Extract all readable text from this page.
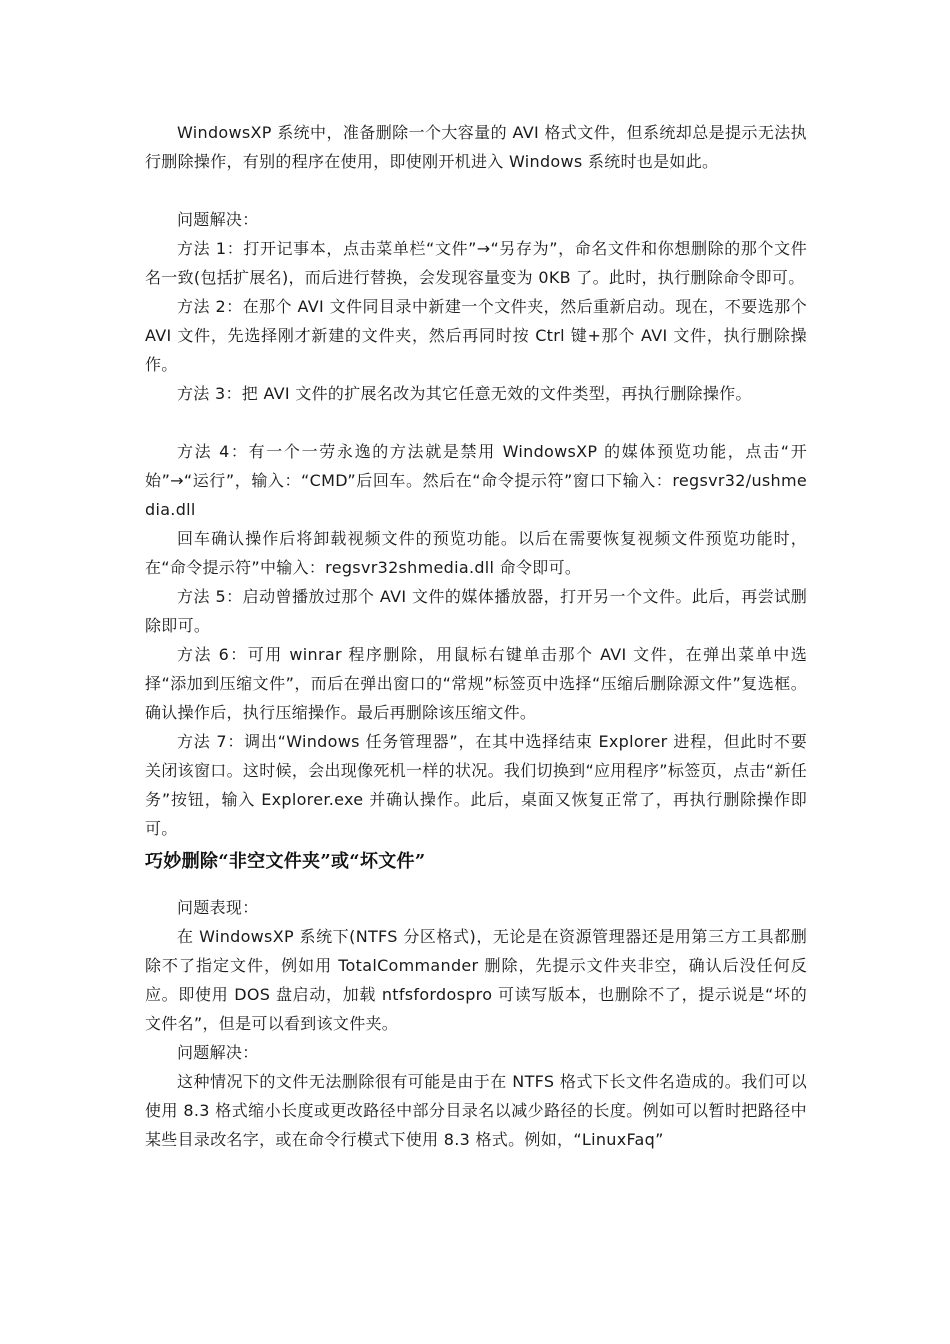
WindowsXP 系统中，准备删除一个大容量的 AVI 格式文件，但系统却总是提示无法执行删除操作，有别的程序在使用，即使刚开机进入 Windows 系统时也是如此。

问题解决：

方法 1：打开记事本，点击菜单栏“文件”→“另存为”，命名文件和你想删除的那个文件名一致(包括扩展名)，而后进行替换，会发现容量变为 0KB 了。此时，执行删除命令即可。

方法 2：在那个 AVI 文件同目录中新建一个文件夹，然后重新启动。现在，不要选那个 AVI 文件，先选择刚才新建的文件夹，然后再同时按 Ctrl 键+那个 AVI 文件，执行删除操作。

方法 3：把 AVI 文件的扩展名改为其它任意无效的文件类型，再执行删除操作。

方法 4：有一个一劳永逸的方法就是禁用 WindowsXP 的媒体预览功能，点击“开始”→“运行”，输入：“CMD”后回车。然后在“命令提示符”窗口下输入：regsvr32/ushmedia.dll

回车确认操作后将卸载视频文件的预览功能。以后在需要恢复视频文件预览功能时，在“命令提示符”中输入：regsvr32shmedia.dll 命令即可。

方法 5：启动曾播放过那个 AVI 文件的媒体播放器，打开另一个文件。此后，再尝试删除即可。

方法 6：可用 winrar 程序删除，用鼠标右键单击那个 AVI 文件，在弹出菜单中选择“添加到压缩文件”，而后在弹出窗口的“常规”标签页中选择“压缩后删除源文件”复选框。确认操作后，执行压缩操作。最后再删除该压缩文件。

方法 7：调出“Windows 任务管理器”，在其中选择结束 Explorer 进程，但此时不要关闭该窗口。这时候，会出现像死机一样的状况。我们切换到“应用程序”标签页，点击“新任务”按钮，输入 Explorer.exe 并确认操作。此后，桌面又恢复正常了，再执行删除操作即可。

巧妙删除“非空文件夹”或“坏文件”

问题表现：

在 WindowsXP 系统下(NTFS 分区格式)，无论是在资源管理器还是用第三方工具都删除不了指定文件，例如用 TotalCommander 删除，先提示文件夹非空，确认后没任何反应。即使用 DOS 盘启动，加载 ntfsfordospro 可读写版本，也删除不了，提示说是“坏的文件名”，但是可以看到该文件夹。

问题解决：

这种情况下的文件无法删除很有可能是由于在 NTFS 格式下长文件名造成的。我们可以使用 8.3 格式缩小长度或更改路径中部分目录名以减少路径的长度。例如可以暂时把路径中某些目录改名字，或在命令行模式下使用 8.3 格式。例如，“LinuxFaq”
